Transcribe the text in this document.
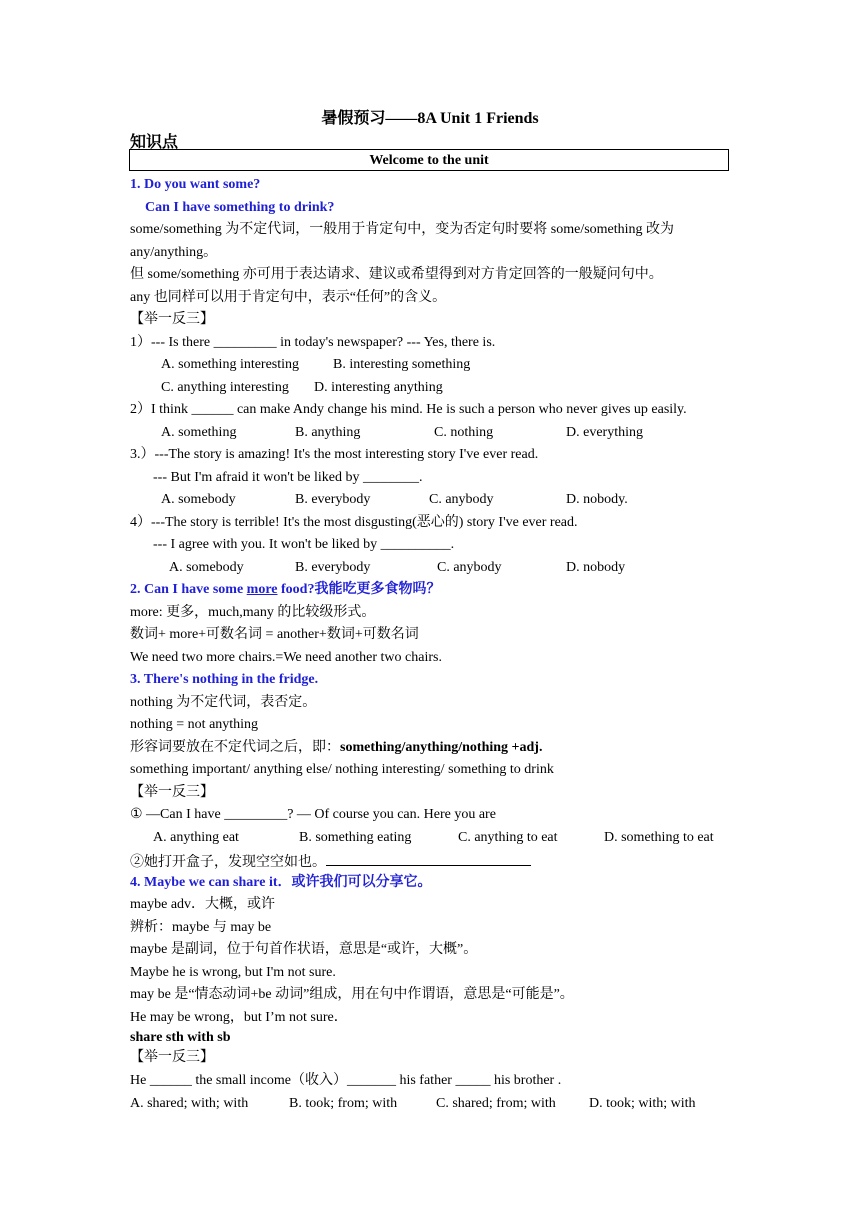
暑假预习——8A Unit 1 Friends
知识点
Welcome to the unit
1. Do you want some?
Can I have something to drink?
some/something 为不定代词，一般用于肯定句中，变为否定句时要将 some/something 改为
any/anything。
但 some/something 亦可用于表达请求、建议或希望得到对方肯定回答的一般疑问句中。
any 也同样可以用于肯定句中，表示“任何”的含义。
【举一反三】
1）--- Is there _________ in today's newspaper? --- Yes, there is.
A. something interesting B. interesting something
C. anything interesting D. interesting anything
2）I think ______ can make Andy change his mind. He is such a person who never gives up easily.
A. something	B. anything	C. nothing	D. everything
3.）---The story is amazing! It's the most interesting story I've ever read.
--- But I'm afraid it won't be liked by ________.
A. somebody	B. everybody	C. anybody	D. nobody.
4）---The story is terrible! It's the most disgusting(恶心的) story I've ever read.
--- I agree with you. It won't be liked by __________.
A. somebody	B. everybody	C. anybody	D. nobody
2. Can I have some more food?我能吃更多食物吗？
more: 更多，much,many 的比较级形式。
数词+ more+可数名词 = another+数词+可数名词
We need two more chairs.=We need another two chairs.
3. There's nothing in the fridge.
nothing 为不定代词，表否定。
nothing = not anything
形容词要放在不定代词之后，即：something/anything/nothing +adj.
something important/ anything else/ nothing interesting/ something to drink
【举一反三】
① —Can I have _________? — Of course you can. Here you are
A. anything eat	B. something eating	C. anything to eat	D. something to eat
②她打开盒子，发现空空如也。
4. Maybe we can share it．或许我们可以分享它。
maybe adv．大概，或许
辨析：maybe 与 may be
maybe 是副词，位于句首作状语，意思是“或许，大概”。
Maybe he is wrong, but I'm not sure.
may be 是“情态动词+be 动词”组成，用在句中作谓语，意思是“可能是”。
He may be wrong，but I’m not sure．
share sth with sb
【举一反三】
He ______ the small income（收入）_______ his father _____ his brother .
A. shared; with; with	B. took; from; with	C. shared; from; with D. took; with; with
